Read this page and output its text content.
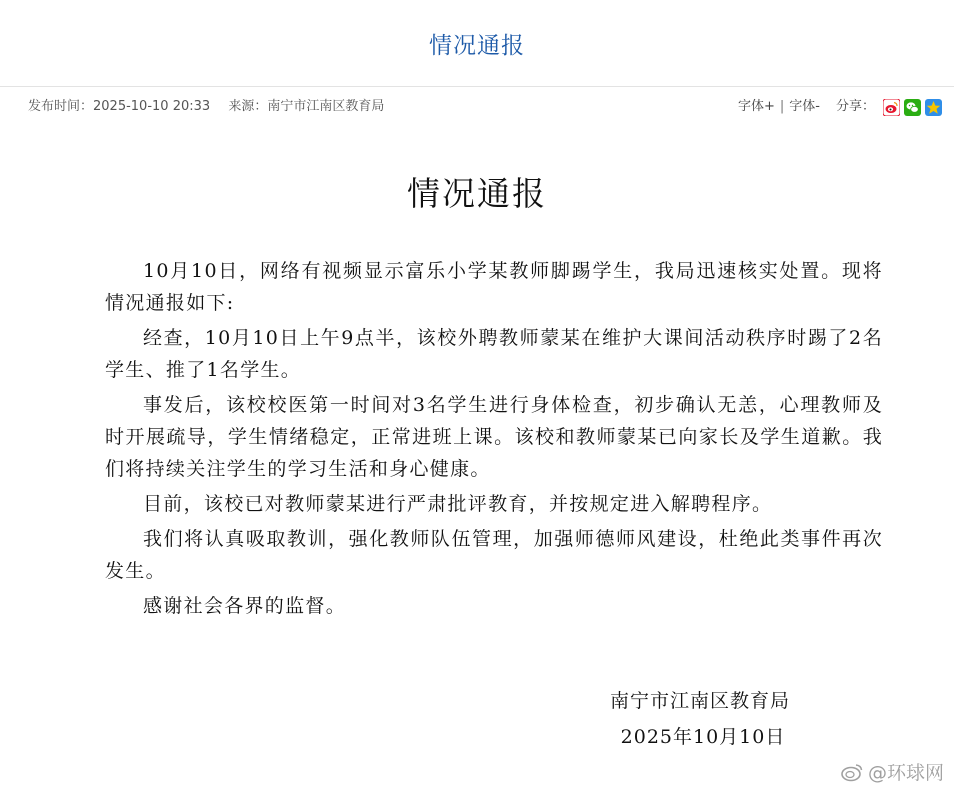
情况通报
发布时间：2025-10-10 20:33 来源：南宁市江南区教育局	字体+ | 字体- 分享：
情况通报

10月10日，网络有视频显示富乐小学某教师脚踢学生，我局迅速核实处置。现将情况通报如下:

经查，10月10日上午9点半，该校外聘教师蒙某在维护大课间活动秩序时踢了2名学生、推了1名学生。

事发后，该校校医第一时间对3名学生进行身体检查，初步确认无恙，心理教师及时开展疏导，学生情绪稳定，正常进班上课。该校和教师蒙某已向家长及学生道歉。我们将持续关注学生的学习生活和身心健康。

目前，该校已对教师蒙某进行严肃批评教育，并按规定进入解聘程序。

我们将认真吸取教训，强化教师队伍管理，加强师德师风建设，杜绝此类事件再次发生。

感谢社会各界的监督。

南宁市江南区教育局
2025年10月10日
@环球网
